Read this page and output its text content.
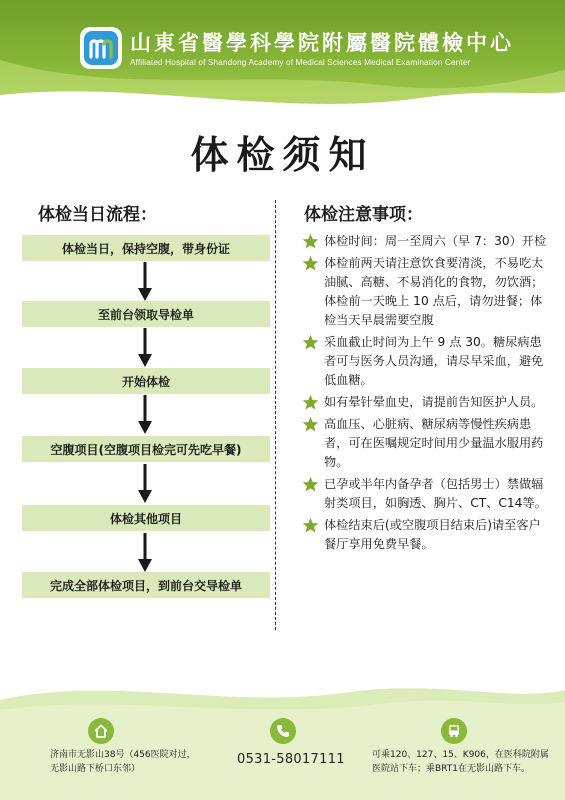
山東省醫學科學院附屬醫院體檢中心
Affiliated Hospital of Shandong Academy of Medical Sciences Medical Examination Center
体检须知
体检当日流程：
体检当日，保持空腹，带身份证
至前台领取导检单
开始体检
空腹项目(空腹项目检完可先吃早餐)
体检其他项目
完成全部体检项目，到前台交导检单
体检注意事项：
体检时间：周一至周六（早 7：30）开检
体检前两天请注意饮食要清淡，不易吃太油腻、高糖、不易消化的食物，勿饮酒；体检前一天晚上 10 点后，请勿进餐；体检当天早晨需要空腹
采血截止时间为上午 9 点 30。糖尿病患者可与医务人员沟通，请尽早采血，避免低血糖。
如有晕针晕血史，请提前告知医护人员。
高血压、心脏病、糖尿病等慢性疾病患者，可在医嘱规定时间用少量温水服用药物。
已孕或半年内备孕者（包括男士）禁做辐射类项目，如胸透、胸片、CT、C14等。
体检结束后(或空腹项目结束后)请至客户餐厅享用免费早餐。
济南市无影山38号（456医院对过，无影山路下桥口东邻）
0531-58017111	可乘120、127、15、K906，在医科院附属医院站下车；乘BRT1在无影山路下车。
